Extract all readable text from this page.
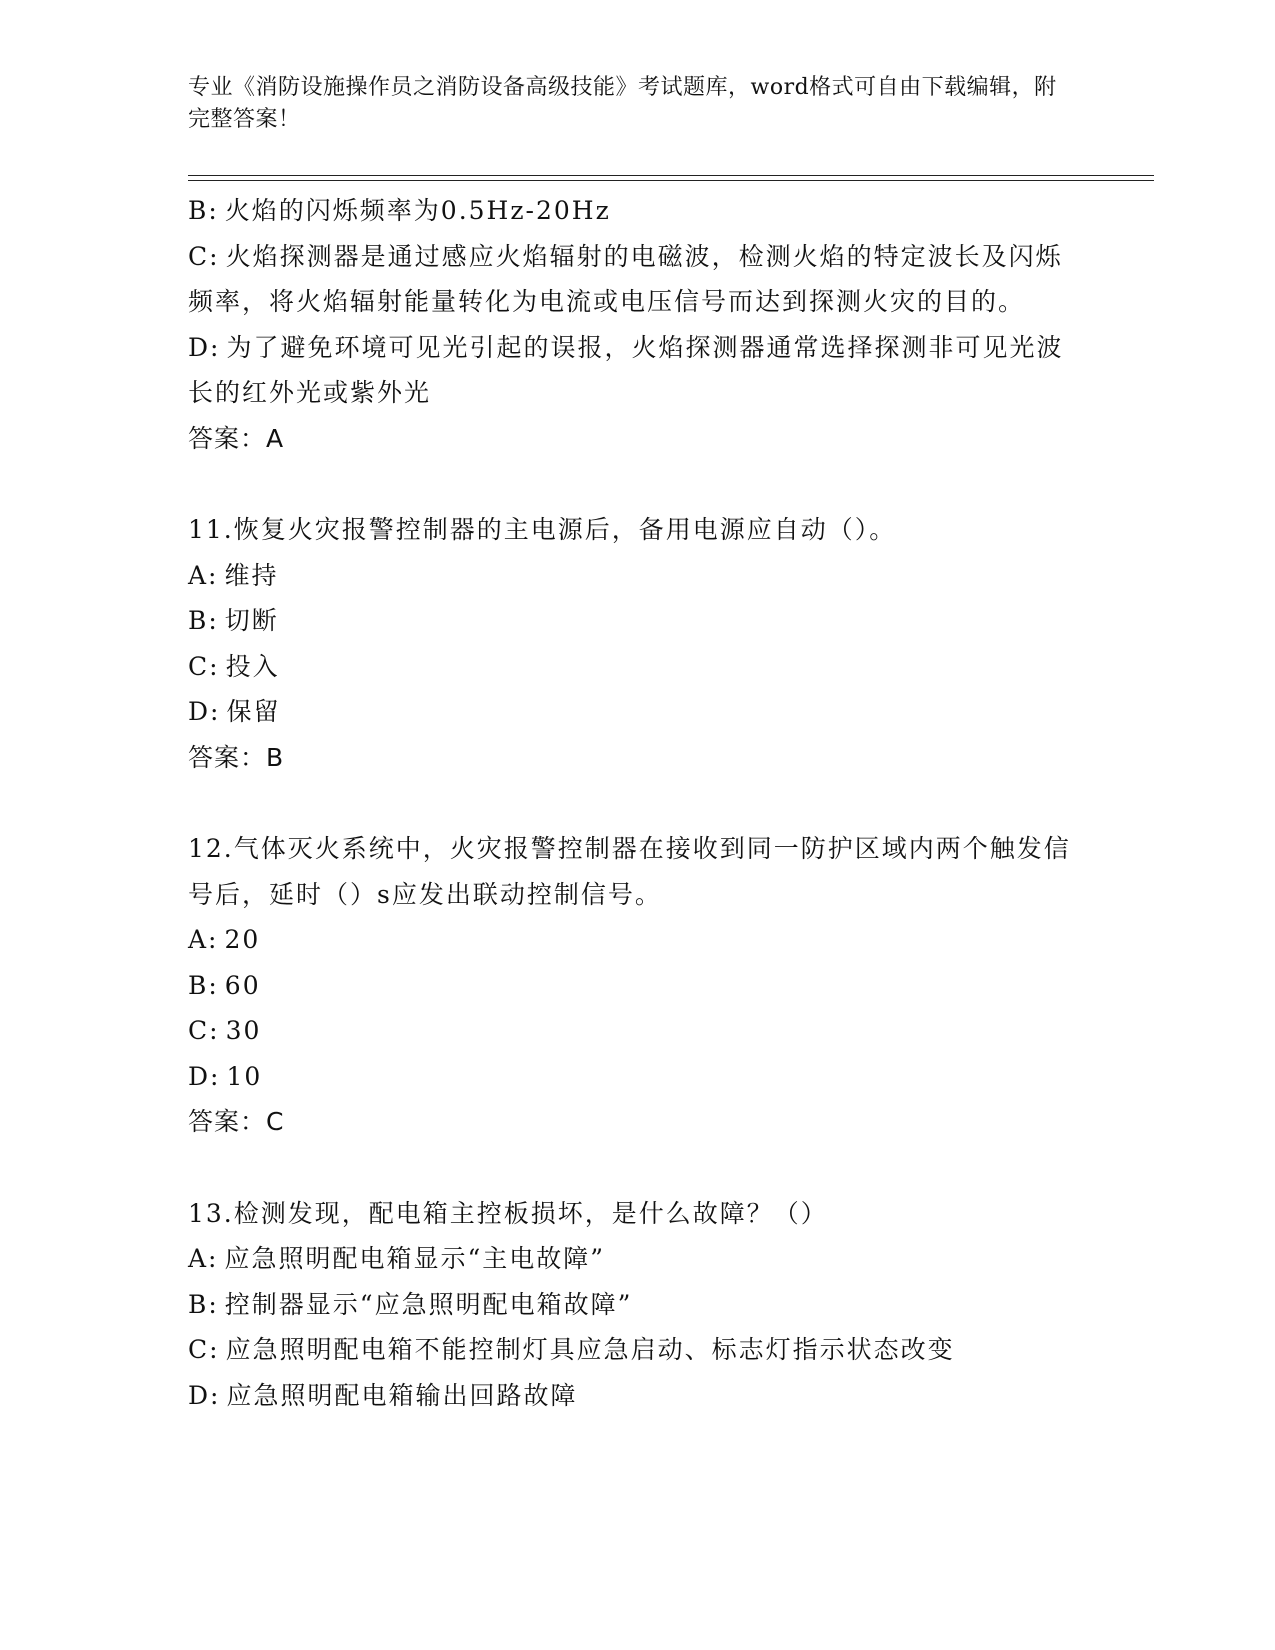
专业《消防设施操作员之消防设备高级技能》考试题库，word格式可自由下载编辑，附完整答案！
B: 火焰的闪烁频率为0.5Hz-20Hz
C: 火焰探测器是通过感应火焰辐射的电磁波，检测火焰的特定波长及闪烁频率，将火焰辐射能量转化为电流或电压信号而达到探测火灾的目的。
D: 为了避免环境可见光引起的误报，火焰探测器通常选择探测非可见光波长的红外光或紫外光
答案：A
11.恢复火灾报警控制器的主电源后，备用电源应自动（）。
A: 维持
B: 切断
C: 投入
D: 保留
答案：B
12.气体灭火系统中，火灾报警控制器在接收到同一防护区域内两个触发信号后，延时（）s应发出联动控制信号。
A: 20
B: 60
C: 30
D: 10
答案：C
13.检测发现，配电箱主控板损坏，是什么故障？（）
A: 应急照明配电箱显示“主电故障”
B: 控制器显示“应急照明配电箱故障”
C: 应急照明配电箱不能控制灯具应急启动、标志灯指示状态改变
D: 应急照明配电箱输出回路故障
